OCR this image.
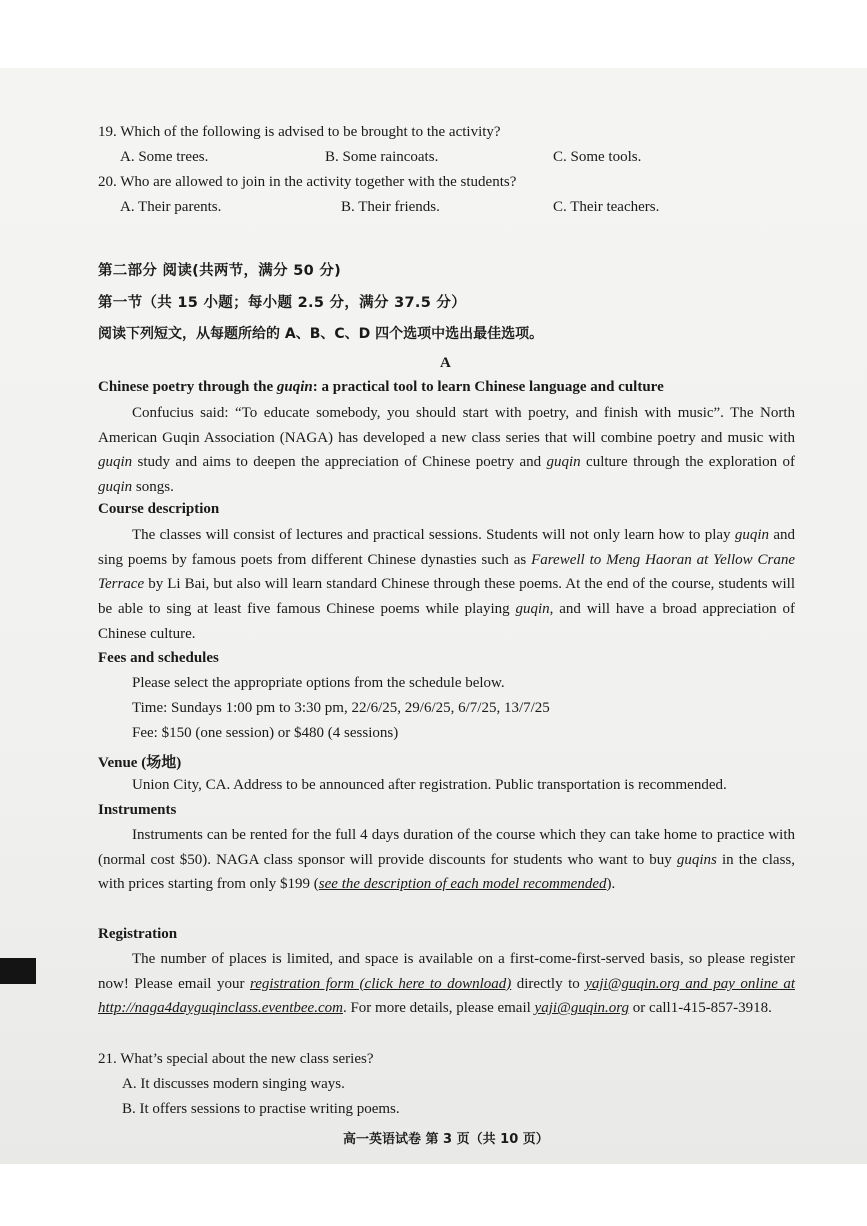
19. Which of the following is advised to be brought to the activity?
A. Some trees.	B. Some raincoats.	C. Some tools.
20. Who are allowed to join in the activity together with the students?
A. Their parents.	B. Their friends.	C. Their teachers.
第二部分 阅读(共两节，满分 50 分)
第一节（共 15 小题；每小题 2.5 分，满分 37.5 分）
阅读下列短文，从每题所给的 A、B、C、D 四个选项中选出最佳选项。
A
Chinese poetry through the guqin: a practical tool to learn Chinese language and culture

Confucius said: “To educate somebody, you should start with poetry, and finish with music”. The North American Guqin Association (NAGA) has developed a new class series that will combine poetry and music with guqin study and aims to deepen the appreciation of Chinese poetry and guqin culture through the exploration of guqin songs.

Course description

The classes will consist of lectures and practical sessions. Students will not only learn how to play guqin and sing poems by famous poets from different Chinese dynasties such as Farewell to Meng Haoran at Yellow Crane Terrace by Li Bai, but also will learn standard Chinese through these poems. At the end of the course, students will be able to sing at least five famous Chinese poems while playing guqin, and will have a broad appreciation of Chinese culture.

Fees and schedules
Please select the appropriate options from the schedule below.
Time: Sundays 1:00 pm to 3:30 pm, 22/6/25, 29/6/25, 6/7/25, 13/7/25
Fee: $150 (one session) or $480 (4 sessions)
Venue (场地)
Union City, CA. Address to be announced after registration. Public transportation is recommended.
Instruments

Instruments can be rented for the full 4 days duration of the course which they can take home to practice with (normal cost $50). NAGA class sponsor will provide discounts for students who want to buy guqins in the class, with prices starting from only $199 (see the description of each model recommended).

Registration

The number of places is limited, and space is available on a first-come-first-served basis, so please register now! Please email your registration form (click here to download) directly to yaji@guqin.org and pay online at http://naga4dayguqinclass.eventbee.com. For more details, please email yaji@guqin.org or call1-415-857-3918.

21. What’s special about the new class series?
A. It discusses modern singing ways.
B. It offers sessions to practise writing poems.
高一英语试卷 第 3 页（共 10 页）
